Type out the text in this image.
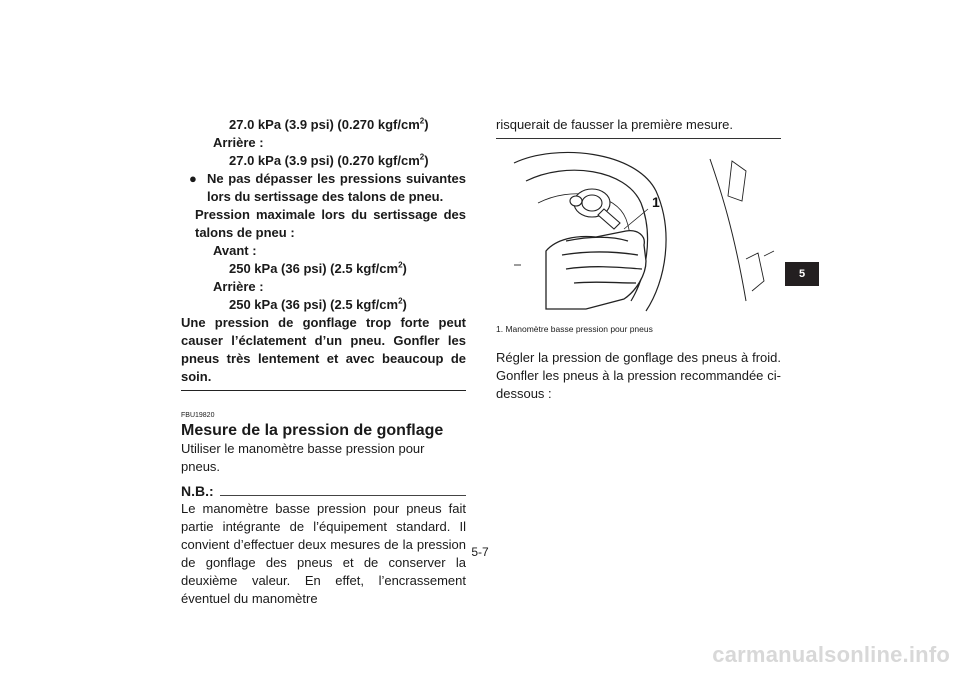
27.0 kPa (3.9 psi) (0.270 kgf/$cm^2$)
Arrière :
27.0 kPa (3.9 psi) (0.270 kgf/$cm^2$)
● Ne pas dépasser les pressions suivantes lors du sertissage des talons de pneu.
Pression maximale lors du sertissage des talons de pneu :
Avant :
250 kPa (36 psi) (2.5 kgf/$cm^2$)
Arrière :
250 kPa (36 psi) (2.5 kgf/$cm^2$)
Une pression de gonflage trop forte peut causer l’éclatement d’un pneu. Gonfler les pneus très lentement et avec beaucoup de soin.
FBU19820
Mesure de la pression de gonflage
Utiliser le manomètre basse pression pour pneus.
N.B.:
Le manomètre basse pression pour pneus fait partie intégrante de l’équipement standard. Il convient d’effectuer deux mesures de la pression de gonflage des pneus et de conserver la deuxième valeur. En effet, l’encrassement éventuel du manomètre
risquerait de fausser la première mesure.
1
1. Manomètre basse pression pour pneus
Régler la pression de gonflage des pneus à froid. Gonfler les pneus à la pression recommandée ci-dessous :
5
5-7
carmanualsonline.info
